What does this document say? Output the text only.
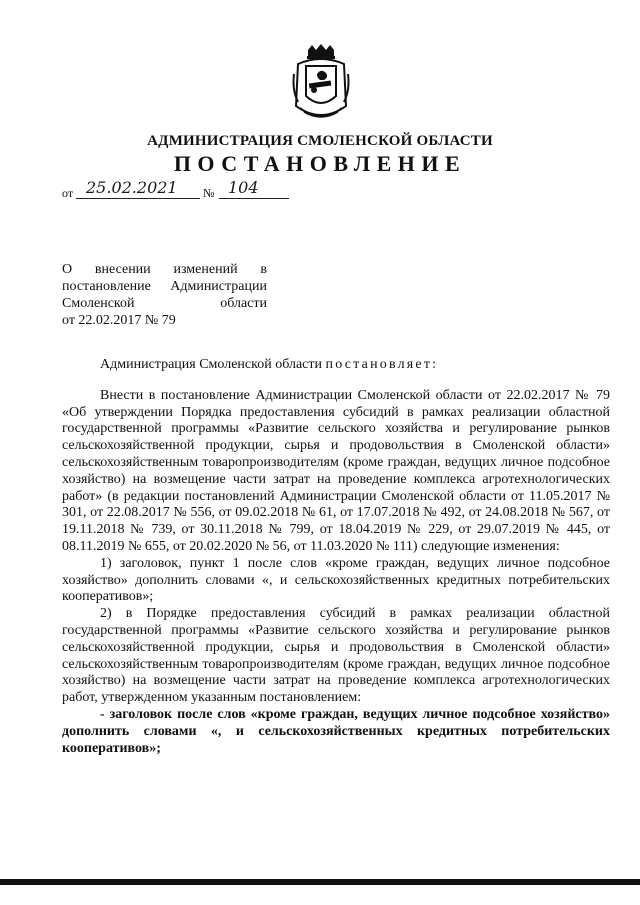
АДМИНИСТРАЦИЯ СМОЛЕНСКОЙ ОБЛАСТИ
ПОСТАНОВЛЕНИЕ
от 25.02.2021 № 104
О внесении изменений в постановление Администрации Смоленской области
от 22.02.2017 № 79

Администрация Смоленской области постановляет:

Внести в постановление Администрации Смоленской области от 22.02.2017 № 79 «Об утверждении Порядка предоставления субсидий в рамках реализации областной государственной программы «Развитие сельского хозяйства и регулирование рынков сельскохозяйственной продукции, сырья и продовольствия в Смоленской области» сельскохозяйственным товаропроизводителям (кроме граждан, ведущих личное подсобное хозяйство) на возмещение части затрат на проведение комплекса агротехнологических работ» (в редакции постановлений Администрации Смоленской области от 11.05.2017 № 301, от 22.08.2017 № 556, от 09.02.2018 № 61, от 17.07.2018 № 492, от 24.08.2018 № 567, от 19.11.2018 № 739, от 30.11.2018 № 799, от 18.04.2019 № 229, от 29.07.2019 № 445, от 08.11.2019 № 655, от 20.02.2020 № 56, от 11.03.2020 № 111) следующие изменения:

1) заголовок, пункт 1 после слов «кроме граждан, ведущих личное подсобное хозяйство» дополнить словами «, и сельскохозяйственных кредитных потребительских кооперативов»;

2) в Порядке предоставления субсидий в рамках реализации областной государственной программы «Развитие сельского хозяйства и регулирование рынков сельскохозяйственной продукции, сырья и продовольствия в Смоленской области» сельскохозяйственным товаропроизводителям (кроме граждан, ведущих личное подсобное хозяйство) на возмещение части затрат на проведение комплекса агротехнологических работ, утвержденном указанным постановлением:

- заголовок после слов «кроме граждан, ведущих личное подсобное хозяйство» дополнить словами «, и сельскохозяйственных кредитных потребительских кооперативов»;
